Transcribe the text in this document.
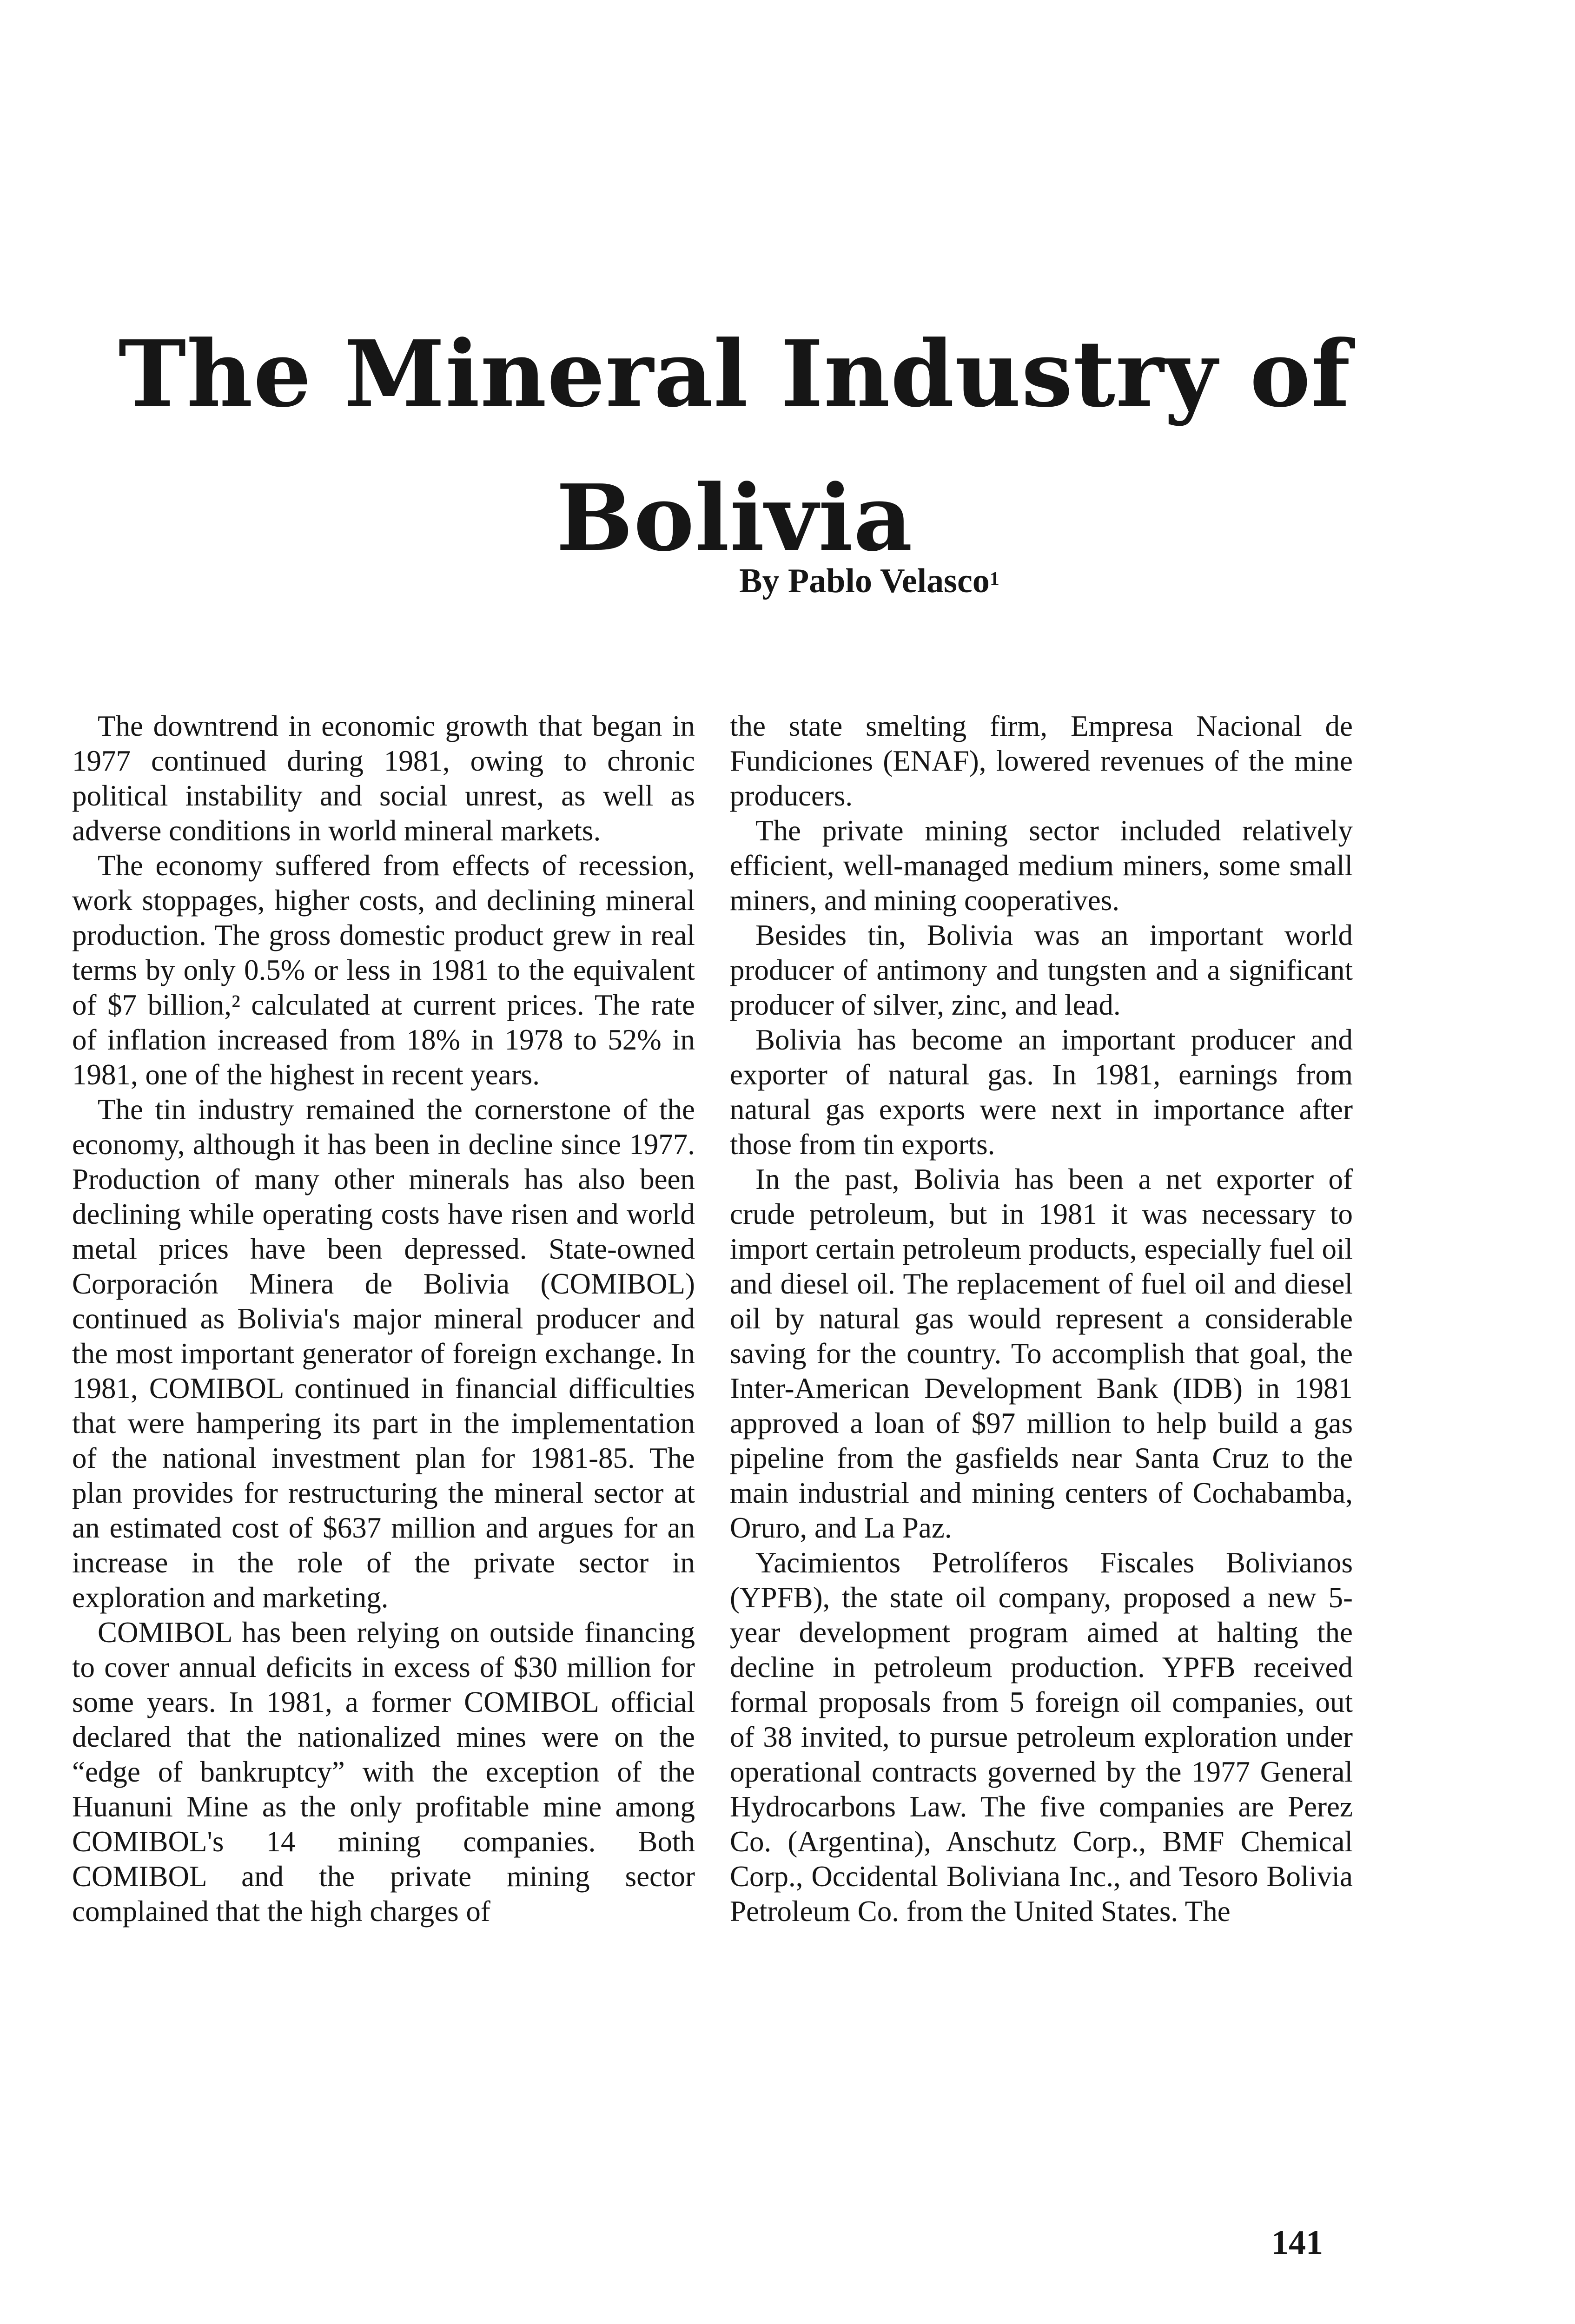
The Mineral Industry of
Bolivia

By Pablo Velasco$^1$

The downtrend in economic growth that began in 1977 continued during 1981, owing to chronic political instability and social unrest, as well as adverse conditions in world mineral markets.

The economy suffered from effects of recession, work stoppages, higher costs, and declining mineral production. The gross domestic product grew in real terms by only 0.5% or less in 1981 to the equivalent of $7 billion,² calculated at current prices. The rate of inflation increased from 18% in 1978 to 52% in 1981, one of the highest in recent years.

The tin industry remained the cornerstone of the economy, although it has been in decline since 1977. Production of many other minerals has also been declining while operating costs have risen and world metal prices have been depressed. State-owned Corporación Minera de Bolivia (COMIBOL) continued as Bolivia's major mineral producer and the most important generator of foreign exchange. In 1981, COMIBOL continued in financial difficulties that were hampering its part in the implementation of the national investment plan for 1981-85. The plan provides for restructuring the mineral sector at an estimated cost of $637 million and argues for an increase in the role of the private sector in exploration and marketing.

COMIBOL has been relying on outside financing to cover annual deficits in excess of $30 million for some years. In 1981, a former COMIBOL official declared that the nationalized mines were on the “edge of bankruptcy” with the exception of the Huanuni Mine as the only profitable mine among COMIBOL's 14 mining companies. Both COMIBOL and the private mining sector complained that the high charges of

the state smelting firm, Empresa Nacional de Fundiciones (ENAF), lowered revenues of the mine producers.

The private mining sector included relatively efficient, well-managed medium miners, some small miners, and mining cooperatives.

Besides tin, Bolivia was an important world producer of antimony and tungsten and a significant producer of silver, zinc, and lead.

Bolivia has become an important producer and exporter of natural gas. In 1981, earnings from natural gas exports were next in importance after those from tin exports.

In the past, Bolivia has been a net exporter of crude petroleum, but in 1981 it was necessary to import certain petroleum products, especially fuel oil and diesel oil. The replacement of fuel oil and diesel oil by natural gas would represent a considerable saving for the country. To accomplish that goal, the Inter-American Development Bank (IDB) in 1981 approved a loan of $97 million to help build a gas pipeline from the gasfields near Santa Cruz to the main industrial and mining centers of Cochabamba, Oruro, and La Paz.

Yacimientos Petrolíferos Fiscales Bolivianos (YPFB), the state oil company, proposed a new 5-year development program aimed at halting the decline in petroleum production. YPFB received formal proposals from 5 foreign oil companies, out of 38 invited, to pursue petroleum exploration under operational contracts governed by the 1977 General Hydrocarbons Law. The five companies are Perez Co. (Argentina), Anschutz Corp., BMF Chemical Corp., Occidental Boliviana Inc., and Tesoro Bolivia Petroleum Co. from the United States. The

141
